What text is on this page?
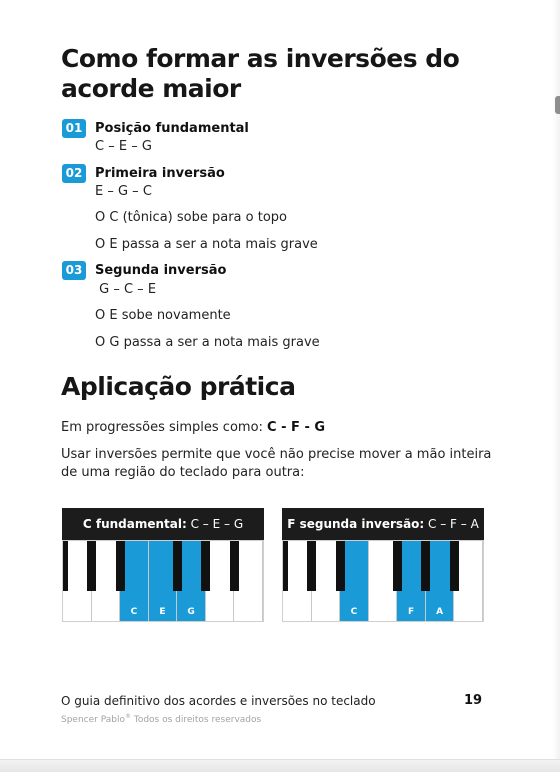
Como formar as inversões do acorde maior
01 Posição fundamental
C – E – G
02 Primeira inversão
E – G – C
O C (tônica) sobe para o topo
O E passa a ser a nota mais grave
03 Segunda inversão
G – C – E
O E sobe novamente
O G passa a ser a nota mais grave
Aplicação prática
Em progressões simples como: C - F - G
Usar inversões permite que você não precise mover a mão inteira
de uma região do teclado para outra:
C fundamental: C – E – G
C	E	G
F segunda inversão: C – F – A
C	F	A
O guia definitivo dos acordes e inversões no teclado	19
Spencer Pablo® Todos os direitos reservados
